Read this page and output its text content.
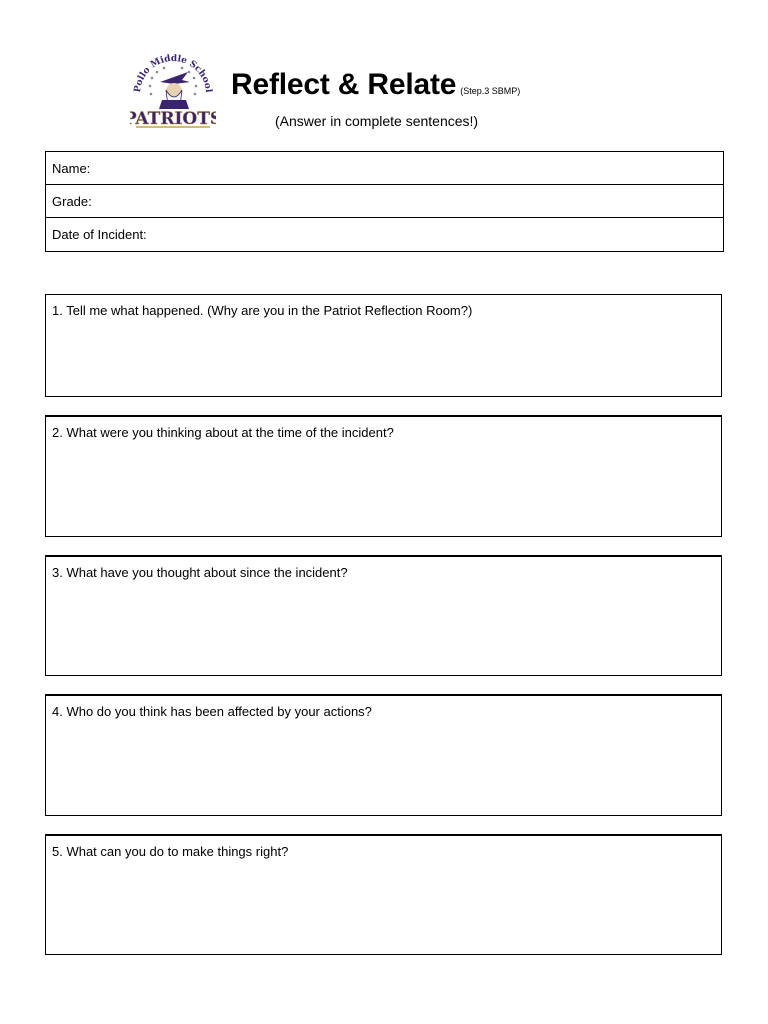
Pollo Middle School
ATRIOT
Reflect & Relate (Step.3 SBMP)
(Answer in complete sentences!)
Name:
Grade:
Date of Incident:
1. Tell me what happened. (Why are you in the Patriot Reflection Room?)
2. What were you thinking about at the time of the incident?
3. What have you thought about since the incident?
4. Who do you think has been affected by your actions?
5. What can you do to make things right?
